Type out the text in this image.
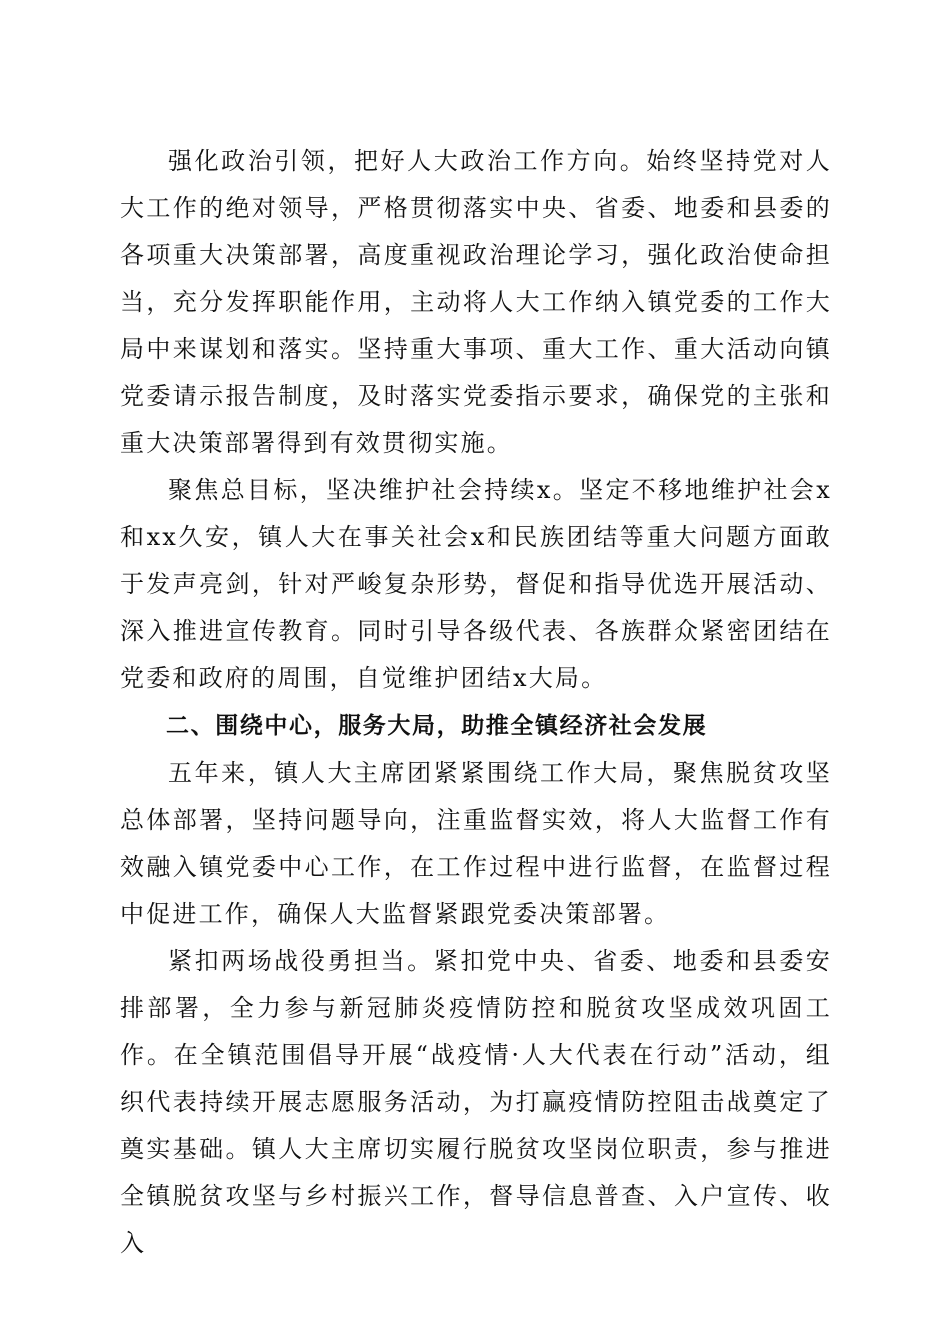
强化政治引领，把好人大政治工作方向。始终坚持党对人大工作的绝对领导，严格贯彻落实中央、省委、地委和县委的各项重大决策部署，高度重视政治理论学习，强化政治使命担当，充分发挥职能作用，主动将人大工作纳入镇党委的工作大局中来谋划和落实。坚持重大事项、重大工作、重大活动向镇党委请示报告制度，及时落实党委指示要求，确保党的主张和重大决策部署得到有效贯彻实施。

聚焦总目标，坚决维护社会持续x。坚定不移地维护社会x和xx久安，镇人大在事关社会x和民族团结等重大问题方面敢于发声亮剑，针对严峻复杂形势，督促和指导优选开展活动、深入推进宣传教育。同时引导各级代表、各族群众紧密团结在党委和政府的周围，自觉维护团结x大局。

二、围绕中心，服务大局，助推全镇经济社会发展

五年来，镇人大主席团紧紧围绕工作大局，聚焦脱贫攻坚总体部署，坚持问题导向，注重监督实效，将人大监督工作有效融入镇党委中心工作，在工作过程中进行监督，在监督过程中促进工作，确保人大监督紧跟党委决策部署。

紧扣两场战役勇担当。紧扣党中央、省委、地委和县委安排部署，全力参与新冠肺炎疫情防控和脱贫攻坚成效巩固工作。在全镇范围倡导开展“战疫情·人大代表在行动”活动，组织代表持续开展志愿服务活动，为打赢疫情防控阻击战奠定了奠实基础。镇人大主席切实履行脱贫攻坚岗位职责，参与推进全镇脱贫攻坚与乡村振兴工作，督导信息普查、入户宣传、收入
